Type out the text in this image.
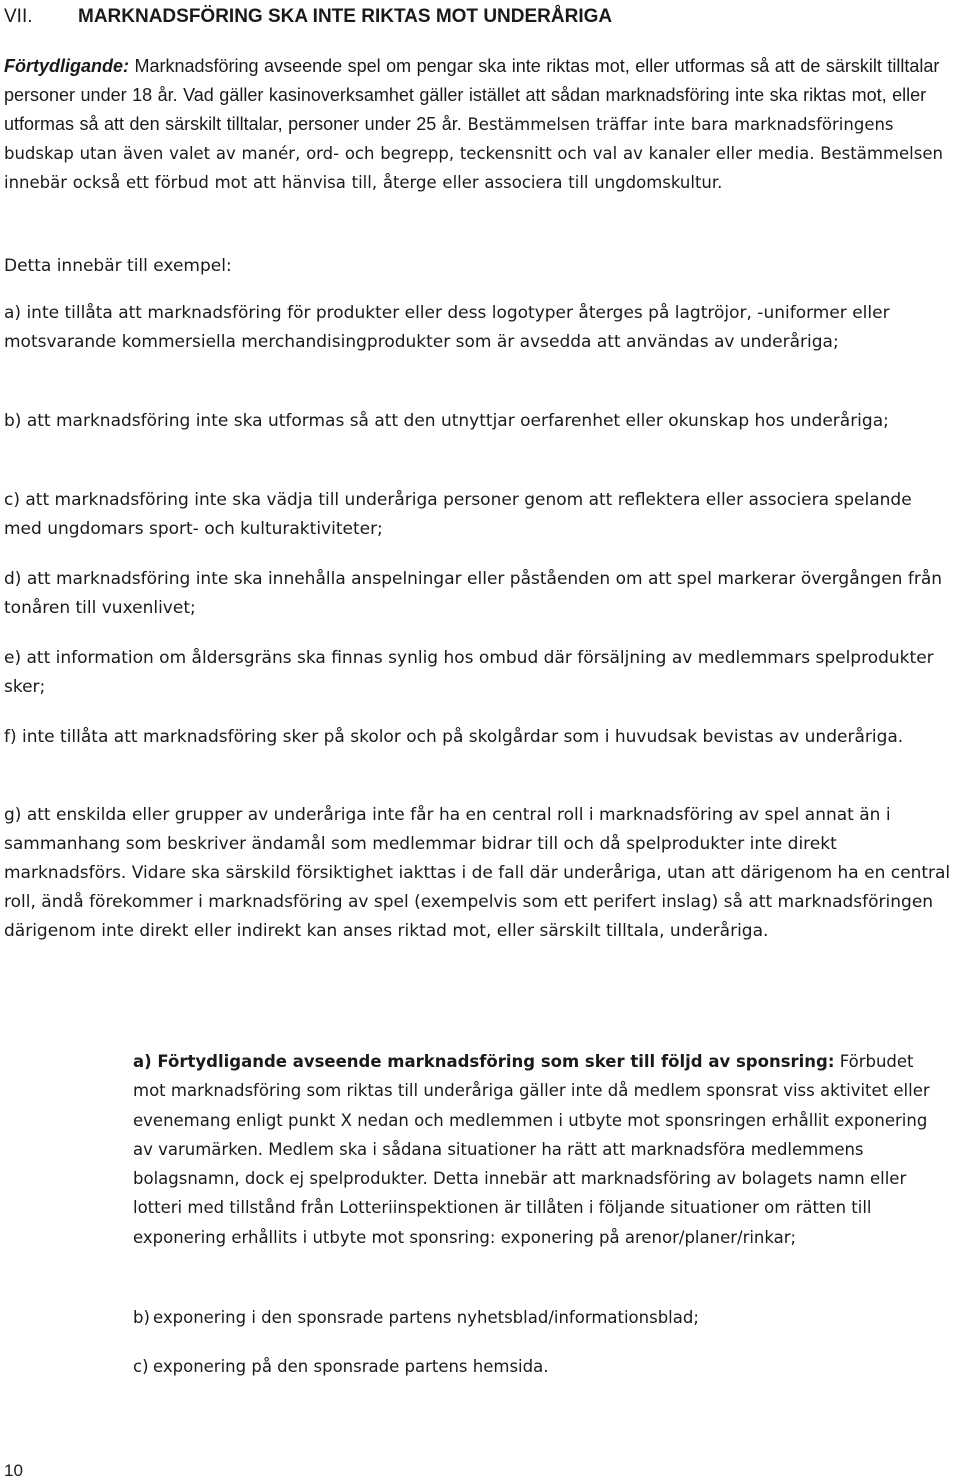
VII. MARKNADSFÖRING SKA INTE RIKTAS MOT UNDERÅRIGA

Förtydligande: Marknadsföring avseende spel om pengar ska inte riktas mot, eller utformas så att de särskilt tilltalar personer under 18 år. Vad gäller kasinoverksamhet gäller istället att sådan marknadsföring inte ska riktas mot, eller utformas så att den särskilt tilltalar, personer under 25 år. Bestämmelsen träffar inte bara marknadsföringens budskap utan även valet av manér, ord- och begrepp, teckensnitt och val av kanaler eller media. Bestämmelsen innebär också ett förbud mot att hänvisa till, återge eller associera till ungdomskultur.

Detta innebär till exempel:

a) inte tillåta att marknadsföring för produkter eller dess logotyper återges på lagtröjor, -uniformer eller motsvarande kommersiella merchandisingprodukter som är avsedda att användas av underåriga;

b) att marknadsföring inte ska utformas så att den utnyttjar oerfarenhet eller okunskap hos underåriga;

c) att marknadsföring inte ska vädja till underåriga personer genom att reflektera eller associera spelande med ungdomars sport- och kulturaktiviteter;

d) att marknadsföring inte ska innehålla anspelningar eller påståenden om att spel markerar övergången från tonåren till vuxenlivet;

e) att information om åldersgräns ska finnas synlig hos ombud där försäljning av medlemmars spelprodukter sker;

f) inte tillåta att marknadsföring sker på skolor och på skolgårdar som i huvudsak bevistas av underåriga.

g) att enskilda eller grupper av underåriga inte får ha en central roll i marknadsföring av spel annat än i sammanhang som beskriver ändamål som medlemmar bidrar till och då spelprodukter inte direkt marknadsförs. Vidare ska särskild försiktighet iakttas i de fall där underåriga, utan att därigenom ha en central roll, ändå förekommer i marknadsföring av spel (exempelvis som ett perifert inslag) så att marknadsföringen därigenom inte direkt eller indirekt kan anses riktad mot, eller särskilt tilltala, underåriga.

a) Förtydligande avseende marknadsföring som sker till följd av sponsring: Förbudet mot marknadsföring som riktas till underåriga gäller inte då medlem sponsrat viss aktivitet eller evenemang enligt punkt X nedan och medlemmen i utbyte mot sponsringen erhållit exponering av varumärken. Medlem ska i sådana situationer ha rätt att marknadsföra medlemmens bolagsnamn, dock ej spelprodukter. Detta innebär att marknadsföring av bolagets namn eller lotteri med tillstånd från Lotteriinspektionen är tillåten i följande situationer om rätten till exponering erhållits i utbyte mot sponsring: exponering på arenor/planer/rinkar;

b) exponering i den sponsrade partens nyhetsblad/informationsblad;

c) exponering på den sponsrade partens hemsida.

10
